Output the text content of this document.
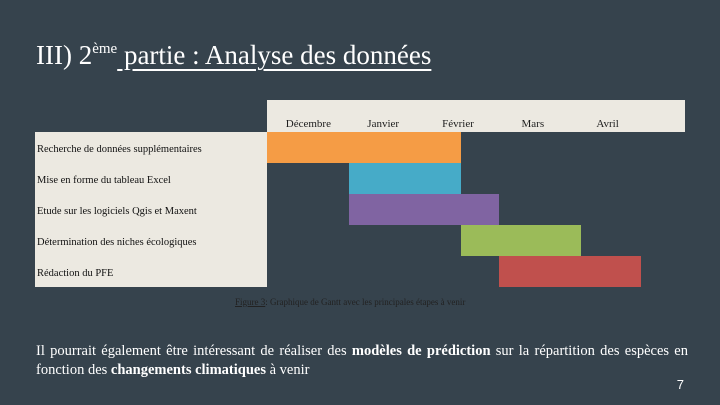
III) 2ème partie : Analyse des données
Décembre	Janvier	Février	Mars	Avril
Recherche de données supplémentaires
Mise en forme du tableau Excel
Etude sur les logiciels Qgis et Maxent
Détermination des niches écologiques
Rédaction du PFE
Figure 3: Graphique de Gantt avec les principales étapes à venir
Il pourrait également être intéressant de réaliser des modèles de prédiction sur la répartition des espèces en fonction des changements climatiques à venir
7
